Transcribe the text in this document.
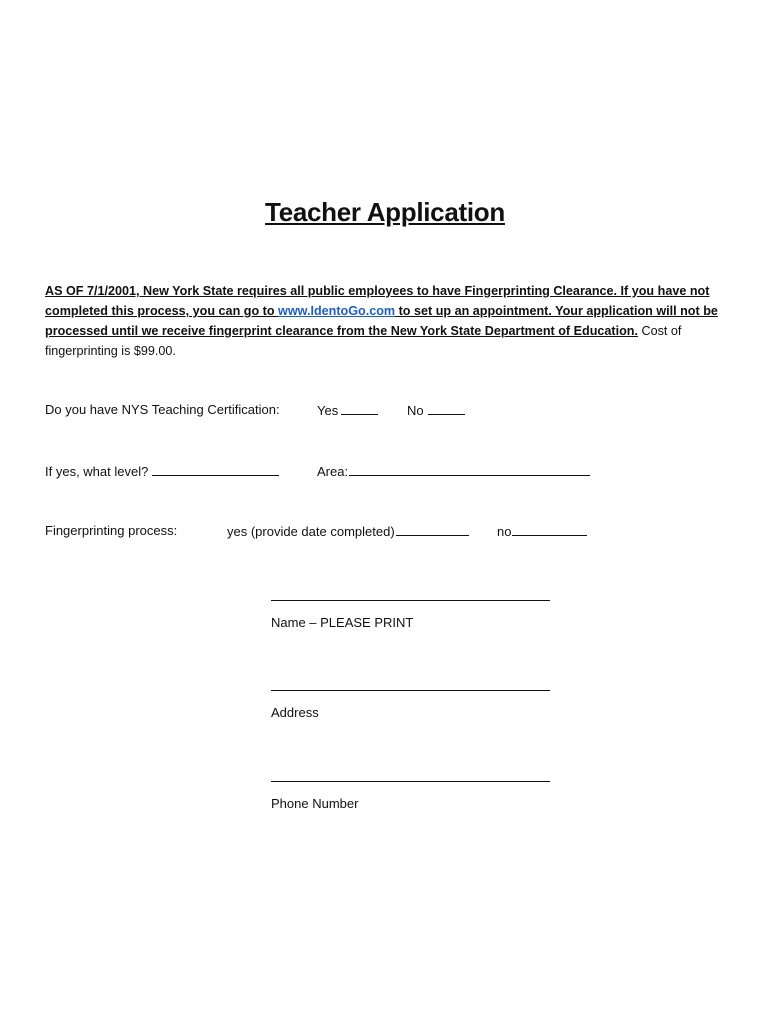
Teacher Application
AS OF 7/1/2001, New York State requires all public employees to have Fingerprinting Clearance. If you have not completed this process, you can go to www.IdentoGo.com to set up an appointment. Your application will not be processed until we receive fingerprint clearance from the New York State Department of Education. Cost of fingerprinting is $99.00.
Do you have NYS Teaching Certification:	Yes	No
If yes, what level?	Area:
Fingerprinting process:	yes (provide date completed)	no
Name – PLEASE PRINT
Address
Phone Number
